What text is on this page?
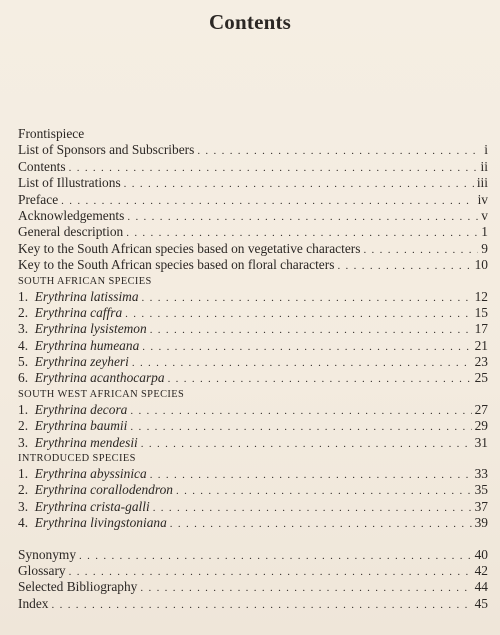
Contents
Frontispiece
List of Sponsors and Subscribers . . .	i
Contents . . .	ii
List of Illustrations . . .	iii
Preface . . .	iv
Acknowledgements . . .	v
General description . . .	1
Key to the South African species based on vegetative characters . . .	9
Key to the South African species based on floral characters . . .	10
SOUTH AFRICAN SPECIES
1. Erythrina latissima . . .	12
2. Erythrina caffra . . .	15
3. Erythrina lysistemon . . .	17
4. Erythrina humeana . . .	21
5. Erythrina zeyheri . . .	23
6. Erythrina acanthocarpa . . .	25
SOUTH WEST AFRICAN SPECIES
1. Erythrina decora . . .	27
2. Erythrina baumii . . .	29
3. Erythrina mendesii . . .	31
INTRODUCED SPECIES
1. Erythrina abyssinica . . .	33
2. Erythrina corallodendron . . .	35
3. Erythrina crista-galli . . .	37
4. Erythrina livingstoniana . . .	39
Synonymy . . .	40
Glossary . . .	42
Selected Bibliography . . .	44
Index . . .	45
